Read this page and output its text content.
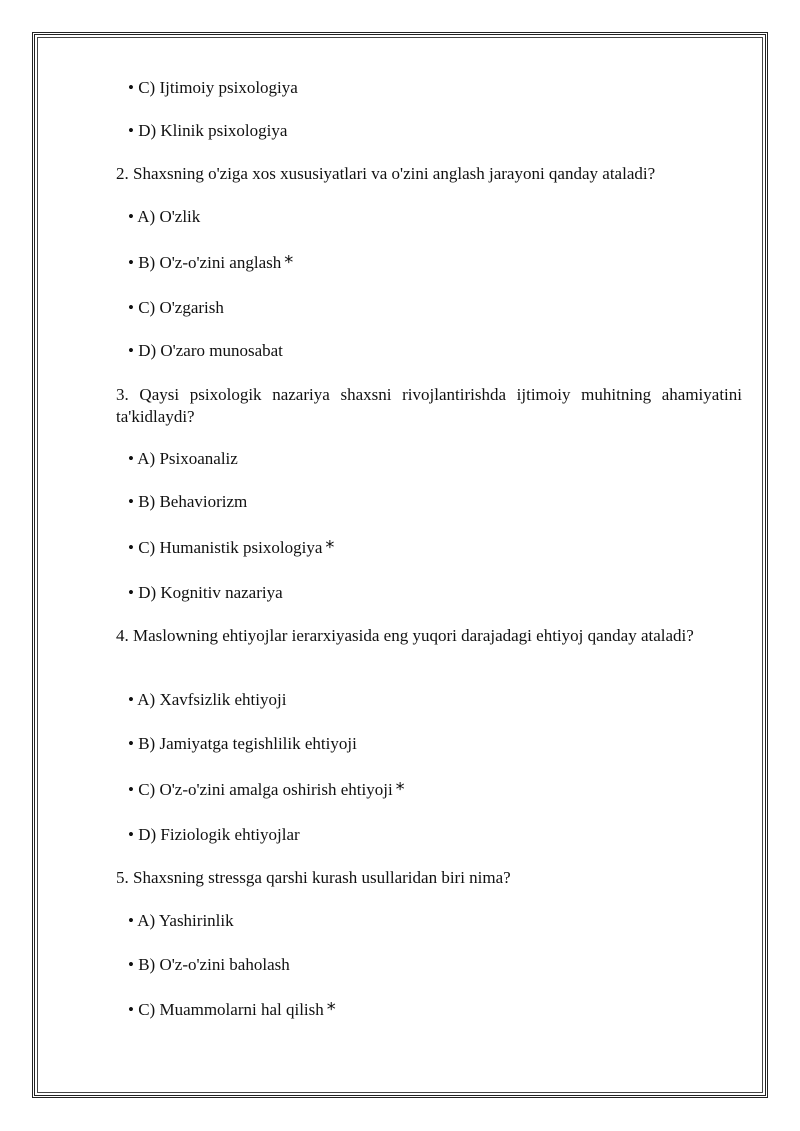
• C) Ijtimoiy psixologiya
• D) Klinik psixologiya
2. Shaxsning o'ziga xos xususiyatlari va o'zini anglash jarayoni qanday ataladi?
• A) O'zlik
• B) O'z-o'zini anglash *
• C) O'zgarish
• D) O'zaro munosabat
3. Qaysi psixologik nazariya shaxsni rivojlantirishda ijtimoiy muhitning ahamiyatini ta'kidlaydi?
• A) Psixoanaliz
• B) Behaviorizm
• C) Humanistik psixologiya *
• D) Kognitiv nazariya
4. Maslowning ehtiyojlar ierarxiyasida eng yuqori darajadagi ehtiyoj qanday ataladi?
• A) Xavfsizlik ehtiyoji
• B) Jamiyatga tegishlilik ehtiyoji
• C) O'z-o'zini amalga oshirish ehtiyoji *
• D) Fiziologik ehtiyojlar
5. Shaxsning stressga qarshi kurash usullaridan biri nima?
• A) Yashirinlik
• B) O'z-o'zini baholash
• C) Muammolarni hal qilish *
